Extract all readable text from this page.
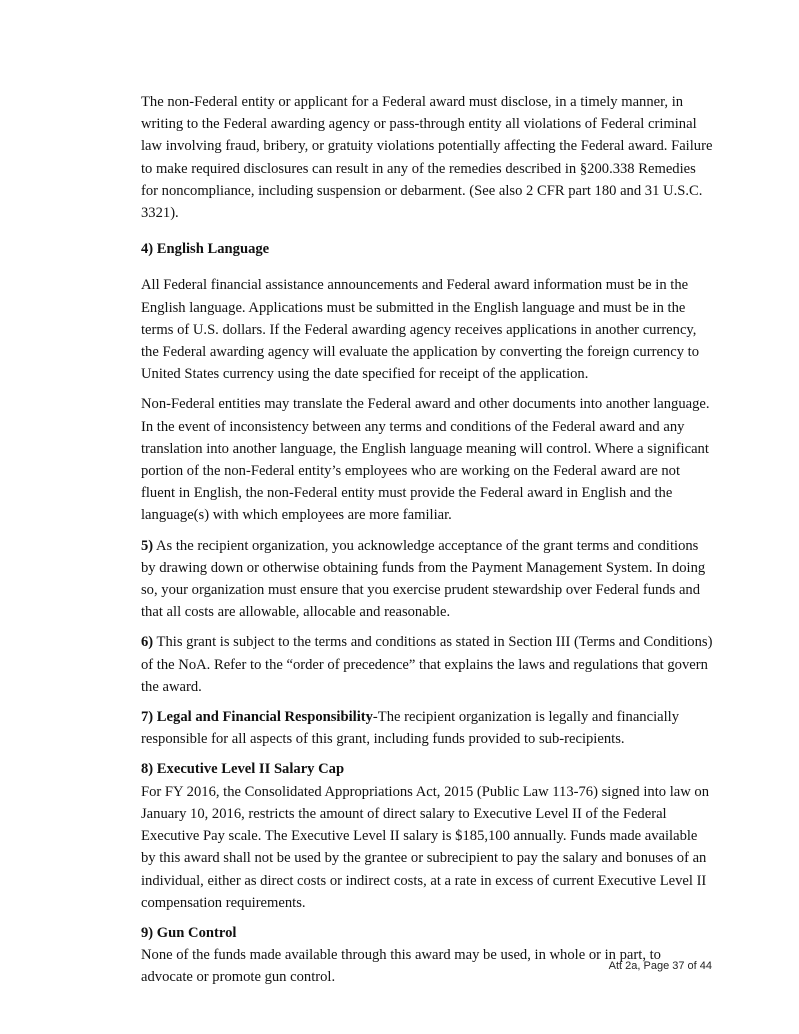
The non-Federal entity or applicant for a Federal award must disclose, in a timely manner, in writing to the Federal awarding agency or pass-through entity all violations of Federal criminal law involving fraud, bribery, or gratuity violations potentially affecting the Federal award. Failure to make required disclosures can result in any of the remedies described in §200.338 Remedies for noncompliance, including suspension or debarment. (See also 2 CFR part 180 and 31 U.S.C. 3321).

4) English Language

All Federal financial assistance announcements and Federal award information must be in the English language. Applications must be submitted in the English language and must be in the terms of U.S. dollars. If the Federal awarding agency receives applications in another currency, the Federal awarding agency will evaluate the application by converting the foreign currency to United States currency using the date specified for receipt of the application.

Non-Federal entities may translate the Federal award and other documents into another language. In the event of inconsistency between any terms and conditions of the Federal award and any translation into another language, the English language meaning will control. Where a significant portion of the non-Federal entity’s employees who are working on the Federal award are not fluent in English, the non-Federal entity must provide the Federal award in English and the language(s) with which employees are more familiar.

5) As the recipient organization, you acknowledge acceptance of the grant terms and conditions by drawing down or otherwise obtaining funds from the Payment Management System. In doing so, your organization must ensure that you exercise prudent stewardship over Federal funds and that all costs are allowable, allocable and reasonable.

6) This grant is subject to the terms and conditions as stated in Section III (Terms and Conditions) of the NoA. Refer to the “order of precedence” that explains the laws and regulations that govern the award.

7) Legal and Financial Responsibility-The recipient organization is legally and financially responsible for all aspects of this grant, including funds provided to sub-recipients.

8) Executive Level II Salary Cap

For FY 2016, the Consolidated Appropriations Act, 2015 (Public Law 113-76) signed into law on January 10, 2016, restricts the amount of direct salary to Executive Level II of the Federal Executive Pay scale. The Executive Level II salary is $185,100 annually. Funds made available by this award shall not be used by the grantee or subrecipient to pay the salary and bonuses of an individual, either as direct costs or indirect costs, at a rate in excess of current Executive Level II compensation requirements.

9) Gun Control

None of the funds made available through this award may be used, in whole or in part, to advocate or promote gun control.

Att 2a, Page 37 of 44
